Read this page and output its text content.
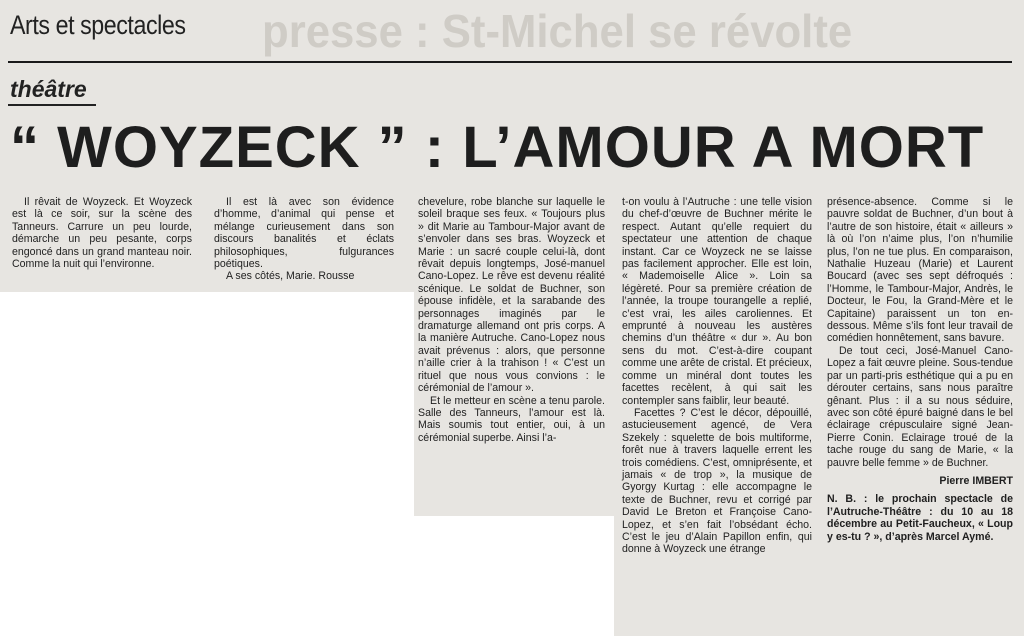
presse : St-Michel se révolte
Arts et spectacles
théâtre
“ WOYZECK ” : L’AMOUR A MORT

Il rêvait de Woyzeck. Et Woyzeck est là ce soir, sur la scène des Tanneurs. Carrure un peu lourde, démarche un peu pesante, corps engoncé dans un grand manteau noir. Comme la nuit qui l’environne.

Il est là avec son évidence d’homme, d’animal qui pense et mélange curieusement dans son discours banalités et éclats philosophiques, fulgurances poétiques.

A ses côtés, Marie. Rousse

chevelure, robe blanche sur laquelle le soleil braque ses feux. « Toujours plus » dit Marie au Tambour-Major avant de s’envoler dans ses bras. Woyzeck et Marie : un sacré couple celui-là, dont rêvait depuis longtemps, José-manuel Cano-Lopez. Le rêve est devenu réalité scénique. Le soldat de Buchner, son épouse infidèle, et la sarabande des personnages imaginés par le dramaturge allemand ont pris corps. A la manière Autruche. Cano-Lopez nous avait prévenus : alors, que personne n’aille crier à la trahison ! « C’est un rituel que nous vous convions : le cérémonial de l’amour ».

Et le metteur en scène a tenu parole. Salle des Tanneurs, l’amour est là. Mais soumis tout entier, oui, à un cérémonial superbe. Ainsi l’a-

t-on voulu à l’Autruche : une telle vision du chef-d’œuvre de Buchner mérite le respect. Autant qu’elle requiert du spectateur une attention de chaque instant. Car ce Woyzeck ne se laisse pas facilement approcher. Elle est loin, « Mademoiselle Alice ». Loin sa légèreté. Pour sa première création de l’année, la troupe tourangelle a replié, c’est vrai, les ailes caroliennes. Et emprunté à nouveau les austères chemins d’un théâtre « dur ». Au bon sens du mot. C’est-à-dire coupant comme une arête de cristal. Et précieux, comme un minéral dont toutes les facettes recèlent, à qui sait les contempler sans faiblir, leur beauté.

Facettes ? C’est le décor, dépouillé, astucieusement agencé, de Vera Szekely : squelette de bois multiforme, forêt nue à travers laquelle errent les trois comédiens. C’est, omniprésente, et jamais « de trop », la musique de Gyorgy Kurtag : elle accompagne le texte de Buchner, revu et corrigé par David Le Breton et Françoise Cano-Lopez, et s’en fait l’obsédant écho. C’est le jeu d’Alain Papillon enfin, qui donne à Woyzeck une étrange

présence-absence. Comme si le pauvre soldat de Buchner, d’un bout à l’autre de son histoire, était « ailleurs » là où l’on n’aime plus, l’on n’humilie plus, l’on ne tue plus. En comparaison, Nathalie Huzeau (Marie) et Laurent Boucard (avec ses sept défroqués : l’Homme, le Tambour-Major, Andrès, le Docteur, le Fou, la Grand-Mère et le Capitaine) paraissent un ton en-dessous. Même s’ils font leur travail de comédien honnêtement, sans bavure.

De tout ceci, José-Manuel Cano-Lopez a fait œuvre pleine. Sous-tendue par un parti-pris esthétique qui a pu en dérouter certains, sans nous paraître gênant. Plus : il a su nous séduire, avec son côté épuré baigné dans le bel éclairage crépusculaire signé Jean-Pierre Conin. Eclairage troué de la tache rouge du sang de Marie, « la pauvre belle femme » de Buchner.

Pierre IMBERT

N. B. : le prochain spectacle de l’Autruche-Théâtre : du 10 au 18 décembre au Petit-Faucheux, « Loup y es-tu ? », d’après Marcel Aymé.
